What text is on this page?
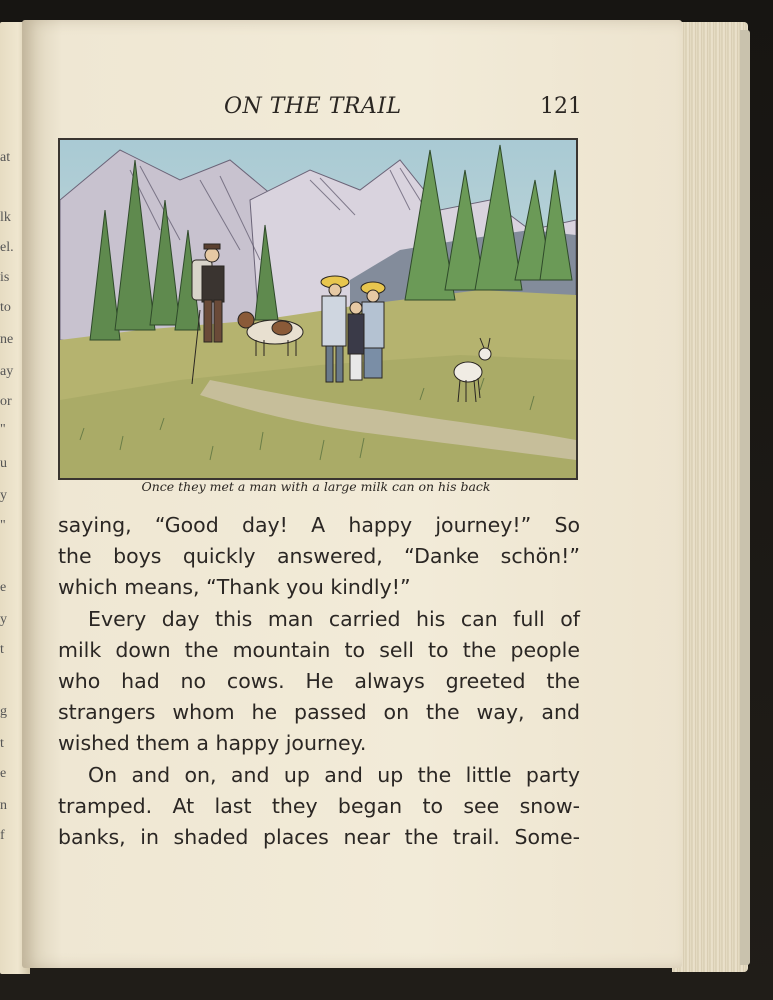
at
lk
el.
is
to
ne
ay
or
"
u
y
"
e
y
t
g
t
e
n
f
ON THE TRAIL	121
Once they met a man with a large milk can on his back

saying, “Good day! A happy journey!” So
the boys quickly answered, “Danke schön!”
which means, “Thank you kindly!”

Every day this man carried his can full of
milk down the mountain to sell to the people
who had no cows. He always greeted the
strangers whom he passed on the way, and
wished them a happy journey.

On and on, and up and up the little party
tramped. At last they began to see snow-
banks, in shaded places near the trail. Some-
